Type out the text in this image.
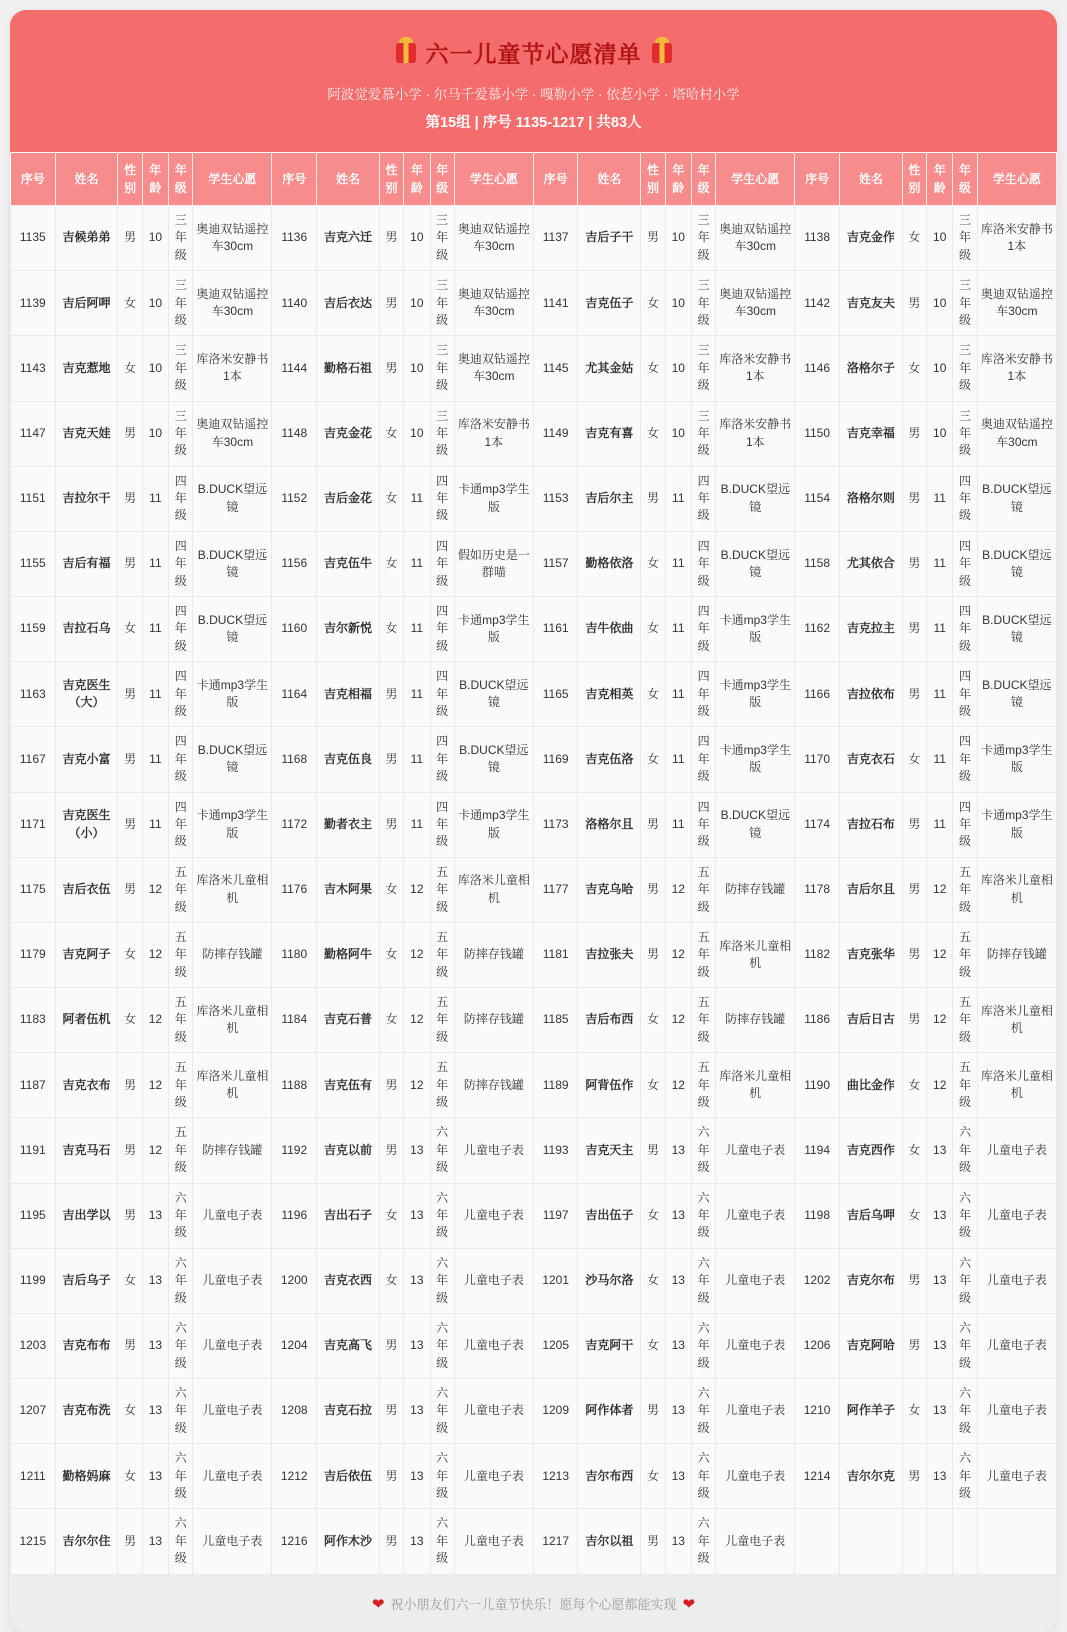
六一儿童节心愿清单
阿波觉爱慕小学 · 尔马千爱慕小学 · 嘎勒小学 · 依惹小学 · 塔哈村小学
第15组 | 序号 1135-1217 | 共83人
序号	姓名	性别	年龄	年级	学生心愿	序号	姓名	性别	年龄	年级	学生心愿	序号	姓名	性别	年龄	年级	学生心愿	序号	姓名	性别	年龄	年级	学生心愿
1135	吉候弟弟	男	10	三年级	奥迪双钻遥控车30cm	1136	吉克六迁	男	10	三年级	奥迪双钻遥控车30cm	1137	吉后子干	男	10	三年级	奥迪双钻遥控车30cm	1138	吉克金作	女	10	三年级	库洛米安静书1本
1139	吉后阿呷	女	10	三年级	奥迪双钻遥控车30cm	1140	吉后衣达	男	10	三年级	奥迪双钻遥控车30cm	1141	吉克伍子	女	10	三年级	奥迪双钻遥控车30cm	1142	吉克友夫	男	10	三年级	奥迪双钻遥控车30cm
1143	吉克惹地	女	10	三年级	库洛米安静书1本	1144	勤格石祖	男	10	三年级	奥迪双钻遥控车30cm	1145	尤其金姑	女	10	三年级	库洛米安静书1本	1146	洛格尔子	女	10	三年级	库洛米安静书1本
1147	吉克天娃	男	10	三年级	奥迪双钻遥控车30cm	1148	吉克金花	女	10	三年级	库洛米安静书1本	1149	吉克有喜	女	10	三年级	库洛米安静书1本	1150	吉克幸福	男	10	三年级	奥迪双钻遥控车30cm
1151	吉拉尔干	男	11	四年级	B.DUCK望远镜	1152	吉后金花	女	11	四年级	卡通mp3学生版	1153	吉后尔主	男	11	四年级	B.DUCK望远镜	1154	洛格尔则	男	11	四年级	B.DUCK望远镜
1155	吉后有福	男	11	四年级	B.DUCK望远镜	1156	吉克伍牛	女	11	四年级	假如历史是一群喵	1157	勤格依洛	女	11	四年级	B.DUCK望远镜	1158	尤其依合	男	11	四年级	B.DUCK望远镜
1159	吉拉石乌	女	11	四年级	B.DUCK望远镜	1160	吉尔新悦	女	11	四年级	卡通mp3学生版	1161	吉牛依曲	女	11	四年级	卡通mp3学生版	1162	吉克拉主	男	11	四年级	B.DUCK望远镜
1163	吉克医生（大）	男	11	四年级	卡通mp3学生版	1164	吉克相福	男	11	四年级	B.DUCK望远镜	1165	吉克相英	女	11	四年级	卡通mp3学生版	1166	吉拉依布	男	11	四年级	B.DUCK望远镜
1167	吉克小富	男	11	四年级	B.DUCK望远镜	1168	吉克伍良	男	11	四年级	B.DUCK望远镜	1169	吉克伍洛	女	11	四年级	卡通mp3学生版	1170	吉克衣石	女	11	四年级	卡通mp3学生版
1171	吉克医生（小）	男	11	四年级	卡通mp3学生版	1172	勤者衣主	男	11	四年级	卡通mp3学生版	1173	洛格尔且	男	11	四年级	B.DUCK望远镜	1174	吉拉石布	男	11	四年级	卡通mp3学生版
1175	吉后衣伍	男	12	五年级	库洛米儿童相机	1176	吉木阿果	女	12	五年级	库洛米儿童相机	1177	吉克乌哈	男	12	五年级	防摔存钱罐	1178	吉后尔且	男	12	五年级	库洛米儿童相机
1179	吉克阿子	女	12	五年级	防摔存钱罐	1180	勤格阿牛	女	12	五年级	防摔存钱罐	1181	吉拉张夫	男	12	五年级	库洛米儿童相机	1182	吉克张华	男	12	五年级	防摔存钱罐
1183	阿者伍机	女	12	五年级	库洛米儿童相机	1184	吉克石普	女	12	五年级	防摔存钱罐	1185	吉后布西	女	12	五年级	防摔存钱罐	1186	吉后日古	男	12	五年级	库洛米儿童相机
1187	吉克衣布	男	12	五年级	库洛米儿童相机	1188	吉克伍有	男	12	五年级	防摔存钱罐	1189	阿背伍作	女	12	五年级	库洛米儿童相机	1190	曲比金作	女	12	五年级	库洛米儿童相机
1191	吉克马石	男	12	五年级	防摔存钱罐	1192	吉克以前	男	13	六年级	儿童电子表	1193	吉克天主	男	13	六年级	儿童电子表	1194	吉克西作	女	13	六年级	儿童电子表
1195	吉出学以	男	13	六年级	儿童电子表	1196	吉出石子	女	13	六年级	儿童电子表	1197	吉出伍子	女	13	六年级	儿童电子表	1198	吉后乌呷	女	13	六年级	儿童电子表
1199	吉后乌子	女	13	六年级	儿童电子表	1200	吉克衣西	女	13	六年级	儿童电子表	1201	沙马尔洛	女	13	六年级	儿童电子表	1202	吉克尔布	男	13	六年级	儿童电子表
1203	吉克布布	男	13	六年级	儿童电子表	1204	吉克高飞	男	13	六年级	儿童电子表	1205	吉克阿干	女	13	六年级	儿童电子表	1206	吉克阿哈	男	13	六年级	儿童电子表
1207	吉克布洗	女	13	六年级	儿童电子表	1208	吉克石拉	男	13	六年级	儿童电子表	1209	阿作体者	男	13	六年级	儿童电子表	1210	阿作羊子	女	13	六年级	儿童电子表
1211	勤格妈麻	女	13	六年级	儿童电子表	1212	吉后依伍	男	13	六年级	儿童电子表	1213	吉尔布西	女	13	六年级	儿童电子表	1214	吉尔尔克	男	13	六年级	儿童电子表
1215	吉尔尔住	男	13	六年级	儿童电子表	1216	阿作木沙	男	13	六年级	儿童电子表	1217	吉尔以祖	男	13	六年级	儿童电子表						
❤ 祝小朋友们六一儿童节快乐！愿每个心愿都能实现 ❤
